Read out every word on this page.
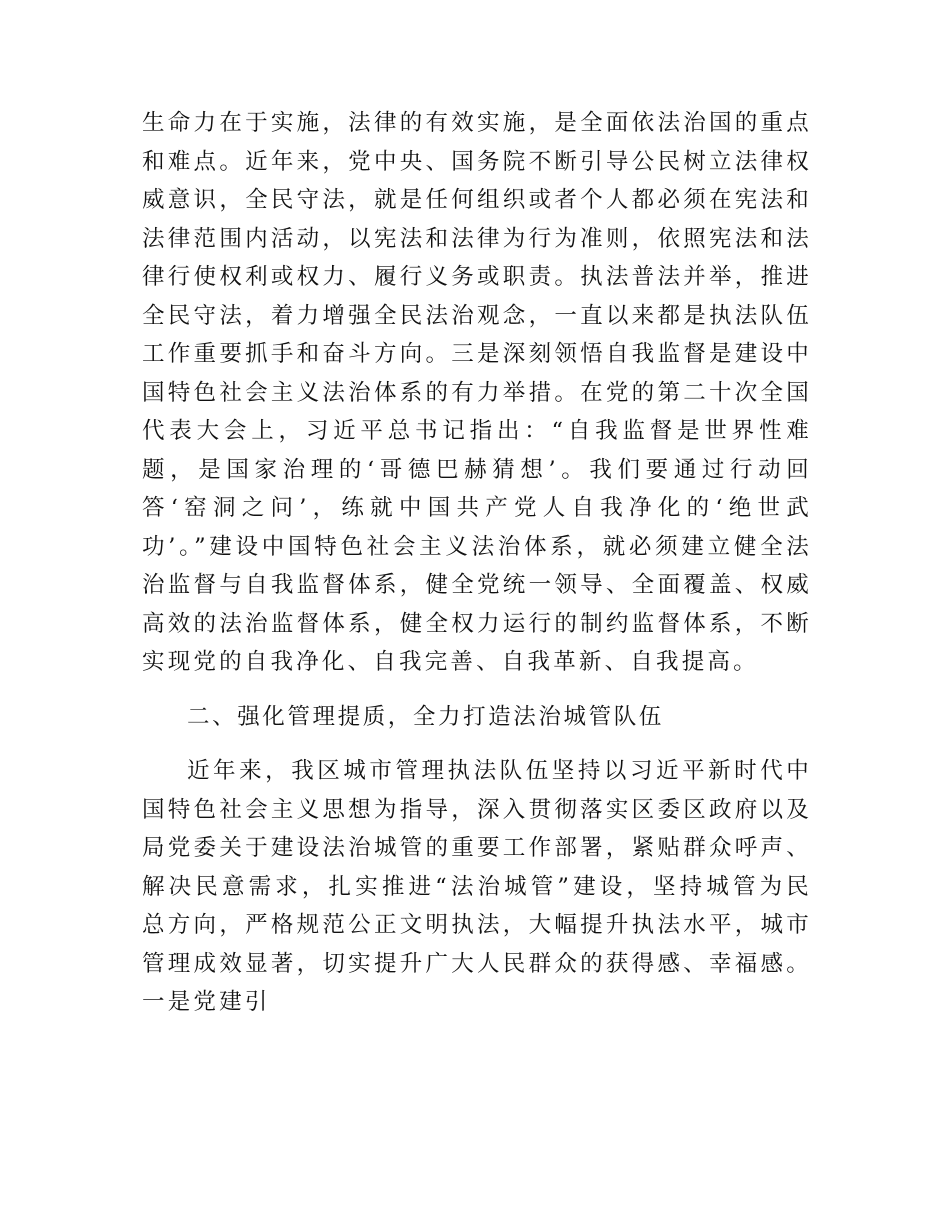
生命力在于实施，法律的有效实施，是全面依法治国的重点和难点。近年来，党中央、国务院不断引导公民树立法律权威意识，全民守法，就是任何组织或者个人都必须在宪法和法律范围内活动，以宪法和法律为行为准则，依照宪法和法律行使权利或权力、履行义务或职责。执法普法并举，推进全民守法，着力增强全民法治观念，一直以来都是执法队伍工作重要抓手和奋斗方向。三是深刻领悟自我监督是建设中国特色社会主义法治体系的有力举措。在党的第二十次全国代表大会上，习近平总书记指出：“自我监督是世界性难题，是国家治理的‘哥德巴赫猜想’。我们要通过行动回答‘窑洞之问’，练就中国共产党人自我净化的‘绝世武功’。”建设中国特色社会主义法治体系，就必须建立健全法治监督与自我监督体系，健全党统一领导、全面覆盖、权威高效的法治监督体系，健全权力运行的制约监督体系，不断实现党的自我净化、自我完善、自我革新、自我提高。

二、强化管理提质，全力打造法治城管队伍

近年来，我区城市管理执法队伍坚持以习近平新时代中国特色社会主义思想为指导，深入贯彻落实区委区政府以及局党委关于建设法治城管的重要工作部署，紧贴群众呼声、解决民意需求，扎实推进“法治城管”建设，坚持城管为民总方向，严格规范公正文明执法，大幅提升执法水平，城市管理成效显著，切实提升广大人民群众的获得感、幸福感。一是党建引
